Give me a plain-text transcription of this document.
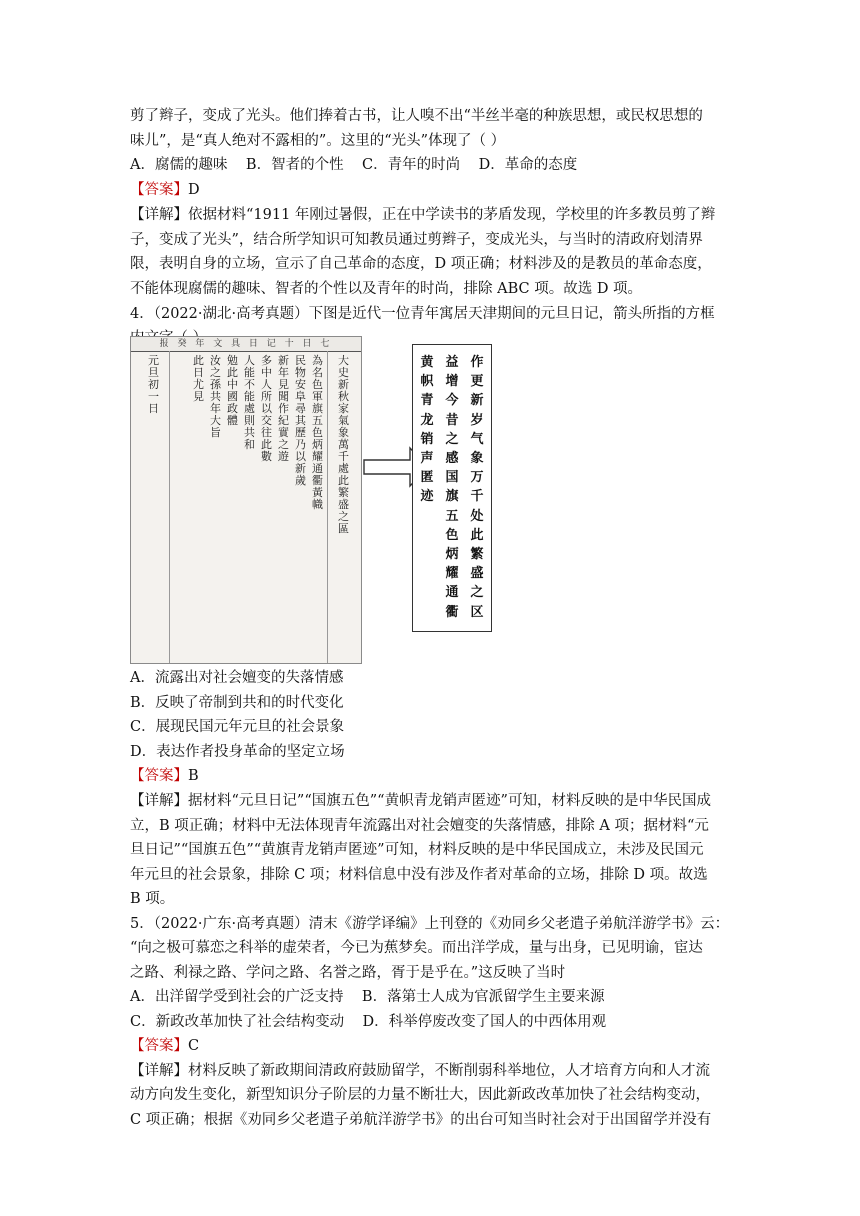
剪了辫子，变成了光头。他们捧着古书，让人嗅不出“半丝半毫的种族思想，或民权思想的

味儿”，是“真人绝对不露相的”。这里的“光头”体现了（ ）

A．腐儒的趣味 B．智者的个性 C．青年的时尚 D．革命的态度

【答案】D

【详解】依据材料“1911 年刚过暑假，正在中学读书的茅盾发现，学校里的许多教员剪了辫

子，变成了光头”，结合所学知识可知教员通过剪辫子，变成光头，与当时的清政府划清界

限，表明自身的立场，宣示了自己革命的态度，D 项正确；材料涉及的是教员的革命态度，

不能体现腐儒的趣味、智者的个性以及青年的时尚，排除 ABC 项。故选 D 项。

4．（2022·湖北·高考真题）下图是近代一位青年寓居天津期间的元旦日记，箭头所指的方框

报 癸 年 文 具 日 记 十 日 七
大史新秋家氣象萬千處此繁盛之區
為名色軍旗五色炳耀通衢黃幟
民物安阜尋其歷乃以新歲
新年見聞作紀實之遊
多中人所以交往此數
人能不能處則共和
勉此中國政體
汝之孫共年大旨
此日尤見
元旦初一日
作更新岁气象万千处此繁盛之区
益增今昔之感国旗五色炳耀通衢
黄帜青龙销声匿迹

A．流露出对社会嬗变的失落情感

B．反映了帝制到共和的时代变化

C．展现民国元年元旦的社会景象

D．表达作者投身革命的坚定立场

【答案】B

【详解】据材料“元旦日记”“国旗五色”“黄帜青龙销声匿迹”可知，材料反映的是中华民国成

立，B 项正确；材料中无法体现青年流露出对社会嬗变的失落情感，排除 A 项；据材料“元

旦日记”“国旗五色”“黄旗青龙销声匿迹”可知，材料反映的是中华民国成立，未涉及民国元

年元旦的社会景象，排除 C 项；材料信息中没有涉及作者对革命的立场，排除 D 项。故选

B 项。

5．（2022·广东·高考真题）清末《游学译编》上刊登的《劝同乡父老遣子弟航洋游学书》云：

“向之极可慕恋之科举的虚荣者，今已为蕉梦矣。而出洋学成，量与出身，已见明谕，宦达

之路、利禄之路、学问之路、名誉之路，胥于是乎在。”这反映了当时

A．出洋留学受到社会的广泛支持 B．落第士人成为官派留学生主要来源

C．新政改革加快了社会结构变动 D．科举停废改变了国人的中西体用观

【答案】C

【详解】材料反映了新政期间清政府鼓励留学，不断削弱科举地位，人才培育方向和人才流

动方向发生变化，新型知识分子阶层的力量不断壮大，因此新政改革加快了社会结构变动，

C 项正确；根据《劝同乡父老遣子弟航洋游学书》的出台可知当时社会对于出国留学并没有
